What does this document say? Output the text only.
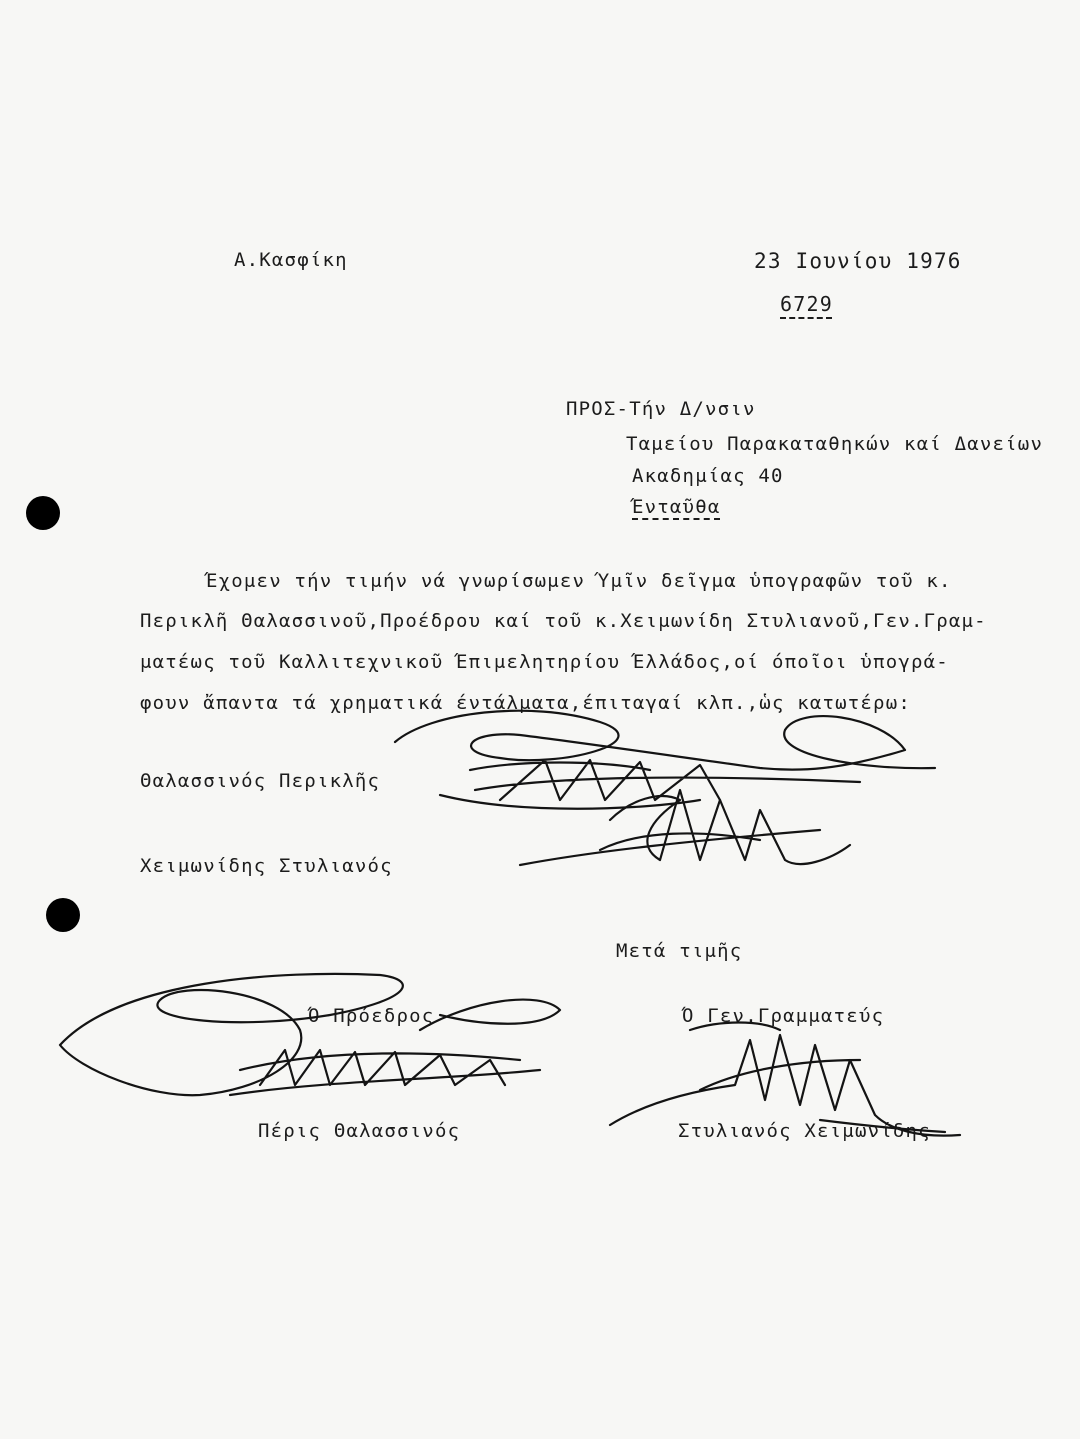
Α.Κασφίκη	23 Ιουνίου 1976
6729
ΠΡΟΣ-Τήν Δ/νσιν
Ταμείου Παρακαταθηκών καί Δανείων
Ακαδημίας 40
Ένταῦθα
Έχομεν τήν τιμήν νά γνωρίσωμεν Ύμῖν δεῖγμα ὑπογραφῶν τοῦ κ.
Περικλῆ Θαλασσινοῦ,Προέδρου καί τοῦ κ.Χειμωνίδη Στυλιανοῦ,Γεν.Γραμ-
ματέως τοῦ Καλλιτεχνικοῦ Έπιμελητηρίου Έλλάδος,οί όποῖοι ὑπογρά-
φουν ἄπαντα τά χρηματικά έντάλματα,έπιταγαί κλπ.,ὡς κατωτέρω:
Θαλασσινός Περικλῆς
Χειμωνίδης Στυλιανός
Μετά τιμῆς
Ό Πρόεδρος	Ό Γεν.Γραμματεύς
Πέρις Θαλασσινός	Στυλιανός Χειμωνίδης
